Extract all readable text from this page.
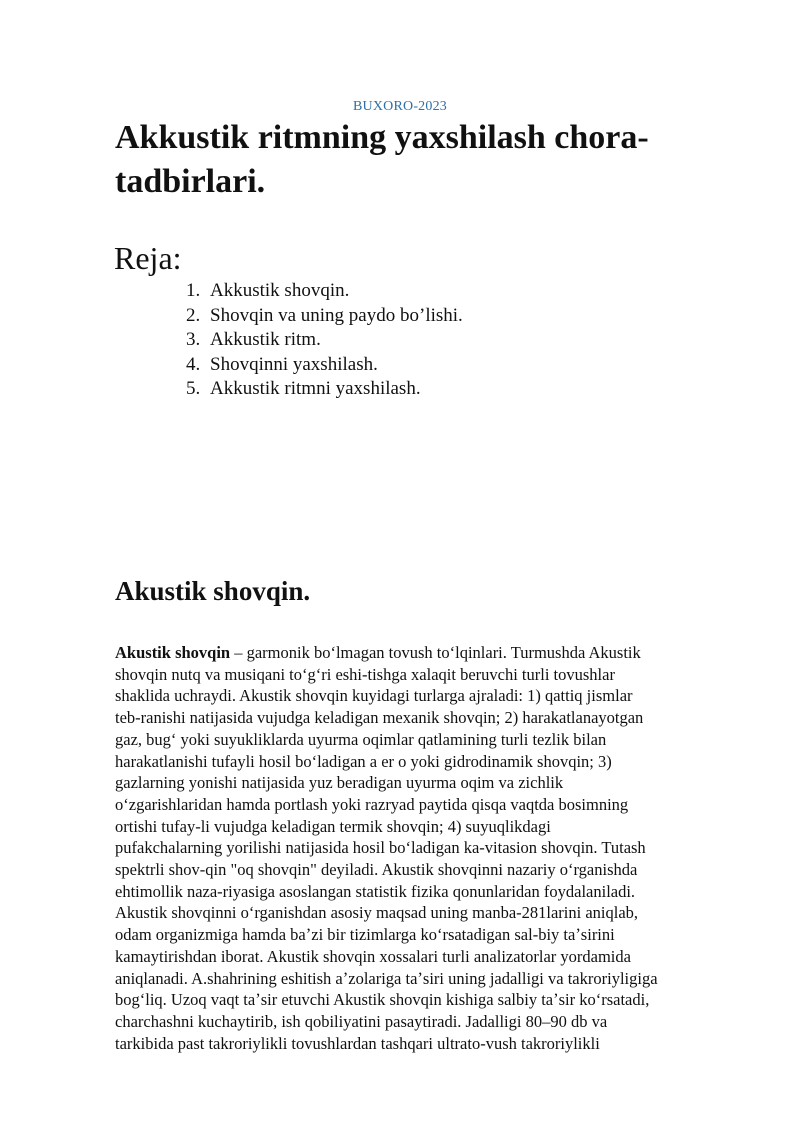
BUXORO-2023
Akkustik ritmning yaxshilash chora-tadbirlari.
Reja:
1. Akkustik shovqin.
2. Shovqin va uning paydo bo’lishi.
3. Akkustik ritm.
4. Shovqinni yaxshilash.
5. Akkustik ritmni yaxshilash.
Akustik shovqin.
Akustik shovqin – garmonik boʻlmagan tovush toʻlqinlari. Turmushda Akustik
shovqin nutq va musiqani toʻgʻri eshi-tishga xalaqit beruvchi turli tovushlar
shaklida uchraydi. Akustik shovqin kuyidagi turlarga ajraladi: 1) qattiq jismlar
teb-ranishi natijasida vujudga keladigan mexanik shovqin; 2) harakatlanayotgan
gaz, bugʻ yoki suyukliklarda uyurma oqimlar qatlamining turli tezlik bilan
harakatlanishi tufayli hosil boʻladigan a er o yoki gidrodinamik shovqin; 3)
gazlarning yonishi natijasida yuz beradigan uyurma oqim va zichlik
oʻzgarishlaridan hamda portlash yoki razryad paytida qisqa vaqtda bosimning
ortishi tufay-li vujudga keladigan termik shovqin; 4) suyuqlikdagi
pufakchalarning yorilishi natijasida hosil boʻladigan ka-vitasion shovqin. Tutash
spektrli shov-qin "oq shovqin" deyiladi. Akustik shovqinni nazariy oʻrganishda
ehtimollik naza-riyasiga asoslangan statistik fizika qonunlaridan foydalaniladi.
Akustik shovqinni oʻrganishdan asosiy maqsad uning manba-281larini aniqlab,
odam organizmiga hamda baʼzi bir tizimlarga koʻrsatadigan sal-biy taʼsirini
kamaytirishdan iborat. Akustik shovqin xossalari turli analizatorlar yordamida
aniqlanadi. A.shahrining eshitish aʼzolariga taʼsiri uning jadalligi va takroriyligiga
bogʻliq. Uzoq vaqt taʼsir etuvchi Akustik shovqin kishiga salbiy taʼsir koʻrsatadi,
charchashni kuchaytirib, ish qobiliyatini pasaytiradi. Jadalligi 80–90 db va
tarkibida past takroriylikli tovushlardan tashqari ultrato-vush takroriylikli
